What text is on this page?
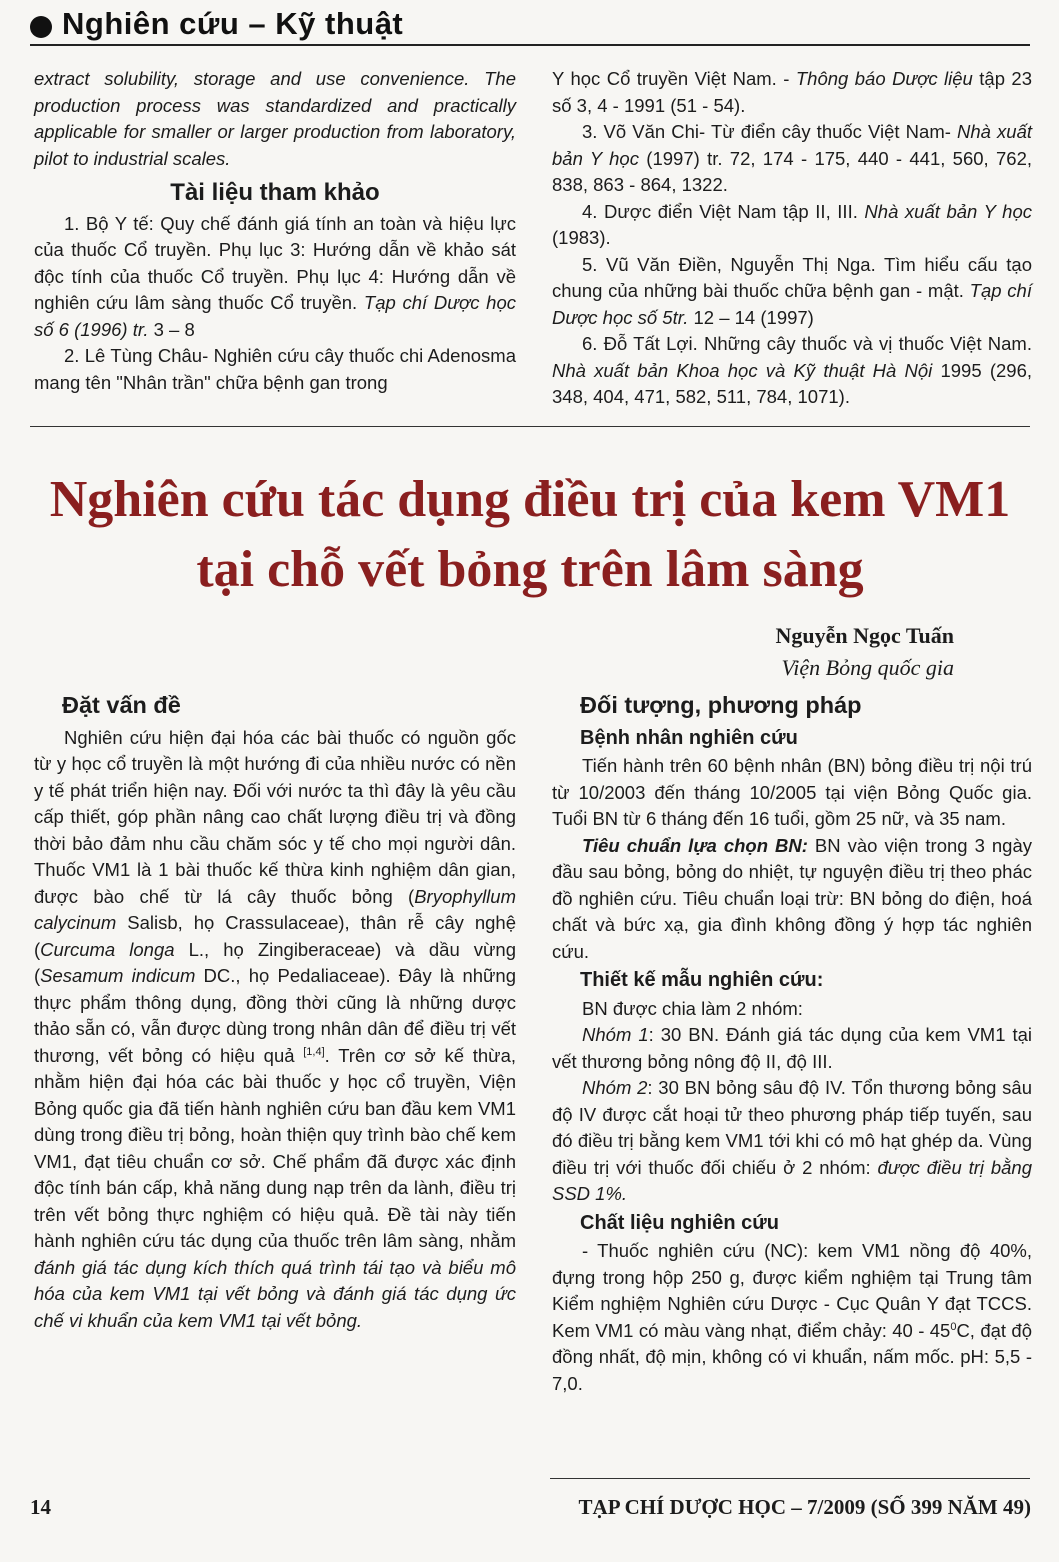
Nghiên cứu – Kỹ thuật

extract solubility, storage and use convenience. The production process was standardized and practically applicable for smaller or larger production from laboratory, pilot to industrial scales.

Tài liệu tham khảo

1. Bộ Y tế: Quy chế đánh giá tính an toàn và hiệu lực của thuốc Cổ truyền. Phụ lục 3: Hướng dẫn về khảo sát độc tính của thuốc Cổ truyền. Phụ lục 4: Hướng dẫn về nghiên cứu lâm sàng thuốc Cổ truyền. Tạp chí Dược học số 6 (1996) tr. 3 – 8

2. Lê Tùng Châu- Nghiên cứu cây thuốc chi Adenosma mang tên "Nhân trần" chữa bệnh gan trong

Y học Cổ truyền Việt Nam. - Thông báo Dược liệu tập 23 số 3, 4 - 1991 (51 - 54).

3. Võ Văn Chi- Từ điển cây thuốc Việt Nam- Nhà xuất bản Y học (1997) tr. 72, 174 - 175, 440 - 441, 560, 762, 838, 863 - 864, 1322.

4. Dược điển Việt Nam tập II, III. Nhà xuất bản Y học (1983).

5. Vũ Văn Điền, Nguyễn Thị Nga. Tìm hiểu cấu tạo chung của những bài thuốc chữa bệnh gan - mật. Tạp chí Dược học số 5tr. 12 – 14 (1997)

6. Đỗ Tất Lợi. Những cây thuốc và vị thuốc Việt Nam. Nhà xuất bản Khoa học và Kỹ thuật Hà Nội 1995 (296, 348, 404, 471, 582, 511, 784, 1071).

Nghiên cứu tác dụng điều trị của kem VM1
tại chỗ vết bỏng trên lâm sàng
Nguyễn Ngọc Tuấn
Viện Bỏng quốc gia
Đặt vấn đề

Nghiên cứu hiện đại hóa các bài thuốc có nguồn gốc từ y học cổ truyền là một hướng đi của nhiều nước có nền y tế phát triển hiện nay. Đối với nước ta thì đây là yêu cầu cấp thiết, góp phần nâng cao chất lượng điều trị và đồng thời bảo đảm nhu cầu chăm sóc y tế cho mọi người dân. Thuốc VM1 là 1 bài thuốc kế thừa kinh nghiệm dân gian, được bào chế từ lá cây thuốc bỏng (Bryophyllum calycinum Salisb, họ Crassulaceae), thân rễ cây nghệ (Curcuma longa L., họ Zingiberaceae) và dầu vừng (Sesamum indicum DC., họ Pedaliaceae). Đây là những thực phẩm thông dụng, đồng thời cũng là những dược thảo sẵn có, vẫn được dùng trong nhân dân để điều trị vết thương, vết bỏng có hiệu quả [1,4]. Trên cơ sở kế thừa, nhằm hiện đại hóa các bài thuốc y học cổ truyền, Viện Bỏng quốc gia đã tiến hành nghiên cứu ban đầu kem VM1 dùng trong điều trị bỏng, hoàn thiện quy trình bào chế kem VM1, đạt tiêu chuẩn cơ sở. Chế phẩm đã được xác định độc tính bán cấp, khả năng dung nạp trên da lành, điều trị trên vết bỏng thực nghiệm có hiệu quả. Đề tài này tiến hành nghiên cứu tác dụng của thuốc trên lâm sàng, nhằm đánh giá tác dụng kích thích quá trình tái tạo và biểu mô hóa của kem VM1 tại vết bỏng và đánh giá tác dụng ức chế vi khuẩn của kem VM1 tại vết bỏng.

Đối tượng, phương pháp
Bệnh nhân nghiên cứu

Tiến hành trên 60 bệnh nhân (BN) bỏng điều trị nội trú từ 10/2003 đến tháng 10/2005 tại viện Bỏng Quốc gia. Tuổi BN từ 6 tháng đến 16 tuổi, gồm 25 nữ, và 35 nam.

Tiêu chuẩn lựa chọn BN: BN vào viện trong 3 ngày đầu sau bỏng, bỏng do nhiệt, tự nguyện điều trị theo phác đồ nghiên cứu. Tiêu chuẩn loại trừ: BN bỏng do điện, hoá chất và bức xạ, gia đình không đồng ý hợp tác nghiên cứu.

Thiết kế mẫu nghiên cứu:

BN được chia làm 2 nhóm:

Nhóm 1: 30 BN. Đánh giá tác dụng của kem VM1 tại vết thương bỏng nông độ II, độ III.

Nhóm 2: 30 BN bỏng sâu độ IV. Tổn thương bỏng sâu độ IV được cắt hoại tử theo phương pháp tiếp tuyến, sau đó điều trị bằng kem VM1 tới khi có mô hạt ghép da. Vùng điều trị với thuốc đối chiếu ở 2 nhóm: được điều trị bằng SSD 1%.

Chất liệu nghiên cứu

- Thuốc nghiên cứu (NC): kem VM1 nồng độ 40%, đựng trong hộp 250 g, được kiểm nghiệm tại Trung tâm Kiểm nghiệm Nghiên cứu Dược - Cục Quân Y đạt TCCS. Kem VM1 có màu vàng nhạt, điểm chảy: $40 - 45^0C$, đạt độ đồng nhất, độ mịn, không có vi khuẩn, nấm mốc. pH: 5,5 - 7,0.

14	TẠP CHÍ DƯỢC HỌC – 7/2009 (SỐ 399 NĂM 49)
